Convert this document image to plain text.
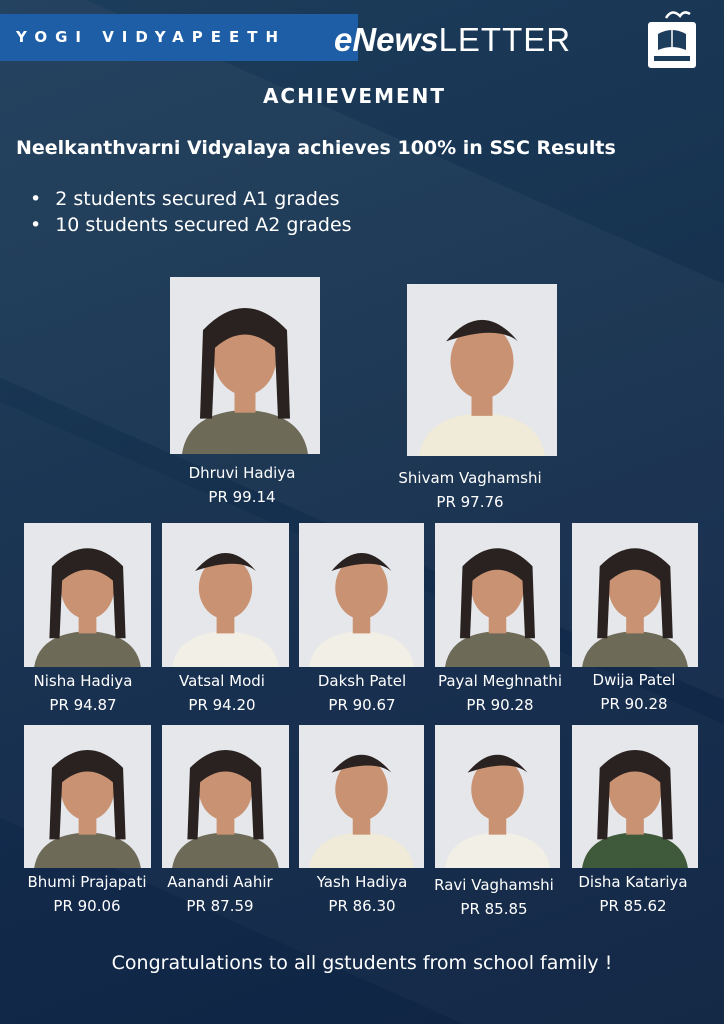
YOGI VIDYAPEETH eNewsLETTER
ACHIEVEMENT
Neelkanthvarni Vidyalaya achieves 100% in SSC Results
• 2 students secured A1 grades
• 10 students secured A2 grades
Dhruvi Hadiya
PR 99.14
Shivam Vaghamshi
PR 97.76
Nisha Hadiya
PR 94.87
Vatsal Modi
PR 94.20
Daksh Patel
PR 90.67
Payal Meghnathi
PR 90.28
Dwija Patel
PR 90.28
Bhumi Prajapati
PR 90.06
Aanandi Aahir
PR 87.59
Yash Hadiya
PR 86.30
Ravi Vaghamshi
PR 85.85
Disha Katariya
PR 85.62
Congratulations to all gstudents from school family !
